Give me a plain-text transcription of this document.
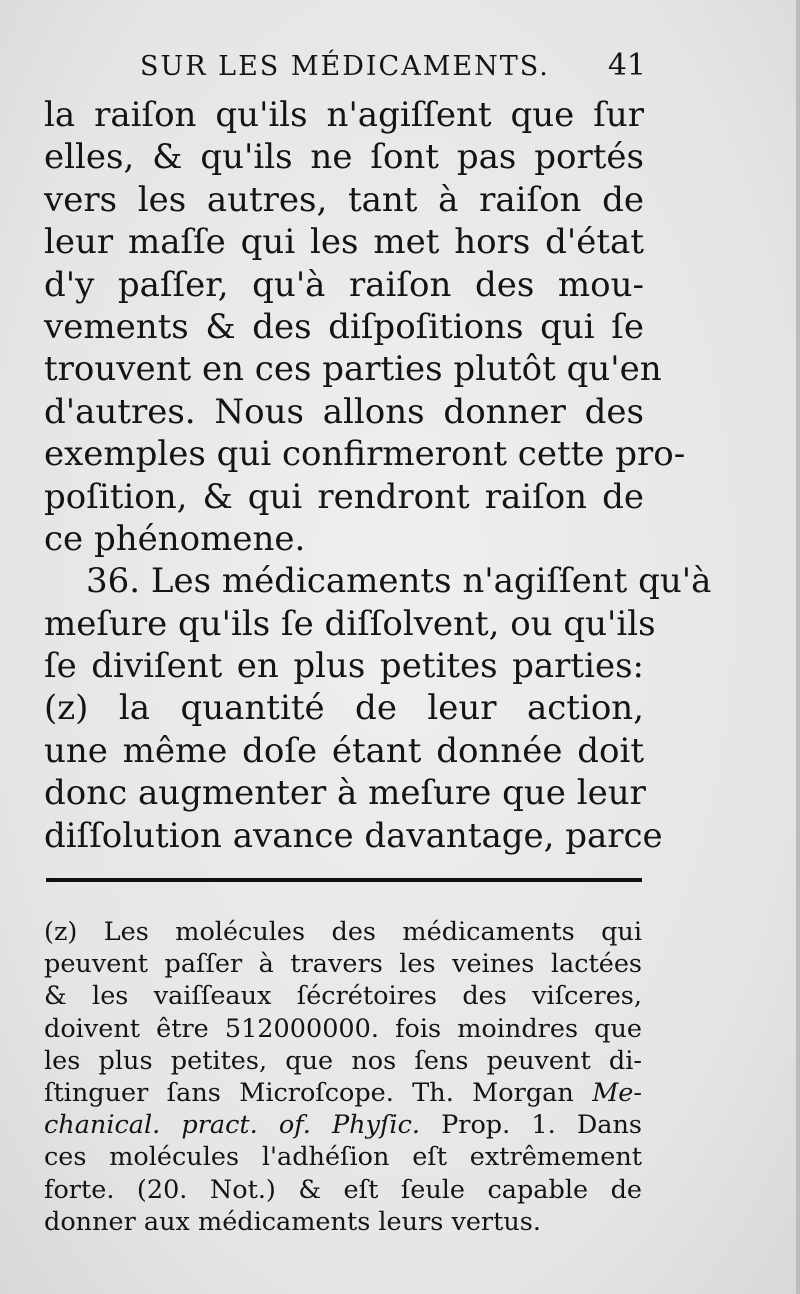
SUR LES MÉDICAMENTS. 41
la raiſon qu'ils n'agiſſent que ſur
elles, & qu'ils ne ſont pas portés
vers les autres, tant à raiſon de
leur maſſe qui les met hors d'état
d'y paſſer, qu'à raiſon des mou-
vements & des diſpoſitions qui ſe
trouvent en ces parties plutôt qu'en
d'autres. Nous allons donner des
exemples qui confirmeront cette pro-
poſition, & qui rendront raiſon de
ce phénomene.
36. Les médicaments n'agiſſent qu'à
meſure qu'ils ſe diſſolvent, ou qu'ils
ſe diviſent en plus petites parties:
(z) la quantité de leur action,
une même doſe étant donnée doit
donc augmenter à meſure que leur
diſſolution avance davantage, parce
(z) Les molécules des médicaments qui
peuvent paſſer à travers les veines lactées
& les vaiſſeaux ſécrétoires des viſceres,
doivent être 512000000. fois moindres que
les plus petites, que nos ſens peuvent di-
ſtinguer ſans Microſcope. Th. Morgan Me-
chanical. pract. of. Phyſic. Prop. 1. Dans
ces molécules l'adhéſion eſt extrêmement
forte. (20. Not.) & eſt ſeule capable de
donner aux médicaments leurs vertus.
